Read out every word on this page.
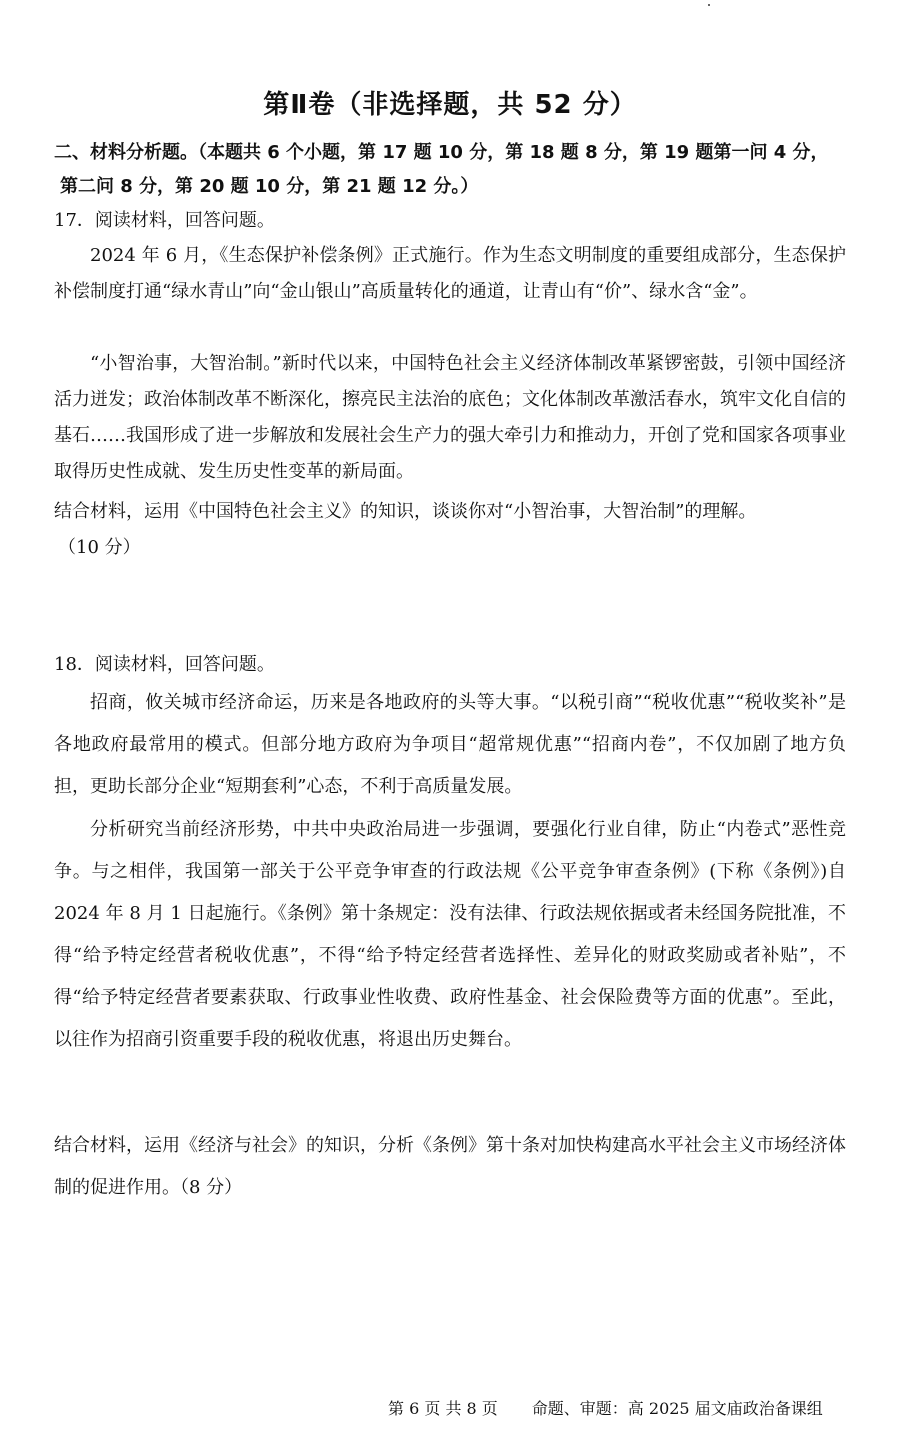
第Ⅱ卷（非选择题，共 52 分）
二、材料分析题。（本题共 6 个小题，第 17 题 10 分，第 18 题 8 分，第 19 题第一问 4 分，
第二问 8 分，第 20 题 10 分，第 21 题 12 分。）
17．阅读材料，回答问题。
2024 年 6 月，《生态保护补偿条例》正式施行。作为生态文明制度的重要组成部分，生态保护补偿制度打通“绿水青山”向“金山银山”高质量转化的通道，让青山有“价”、绿水含“金”。
“小智治事，大智治制。”新时代以来，中国特色社会主义经济体制改革紧锣密鼓，引领中国经济活力迸发；政治体制改革不断深化，擦亮民主法治的底色；文化体制改革激活春水，筑牢文化自信的基石……我国形成了进一步解放和发展社会生产力的强大牵引力和推动力，开创了党和国家各项事业取得历史性成就、发生历史性变革的新局面。
结合材料，运用《中国特色社会主义》的知识，谈谈你对“小智治事，大智治制”的理解。
（10 分）
18．阅读材料，回答问题。
招商，攸关城市经济命运，历来是各地政府的头等大事。“以税引商”“税收优惠”“税收奖补”是各地政府最常用的模式。但部分地方政府为争项目“超常规优惠”“招商内卷”，不仅加剧了地方负担，更助长部分企业“短期套利”心态，不利于高质量发展。
分析研究当前经济形势，中共中央政治局进一步强调，要强化行业自律，防止“内卷式”恶性竞争。与之相伴，我国第一部关于公平竞争审查的行政法规《公平竞争审查条例》(下称《条例》)自 2024 年 8 月 1 日起施行。《条例》第十条规定：没有法律、行政法规依据或者未经国务院批准，不得“给予特定经营者税收优惠”，不得“给予特定经营者选择性、差异化的财政奖励或者补贴”，不得“给予特定经营者要素获取、行政事业性收费、政府性基金、社会保险费等方面的优惠”。至此，以往作为招商引资重要手段的税收优惠，将退出历史舞台。
结合材料，运用《经济与社会》的知识，分析《条例》第十条对加快构建高水平社会主义市场经济体制的促进作用。（8 分）
第 6 页 共 8 页 命题、审题：高 2025 届文庙政治备课组
